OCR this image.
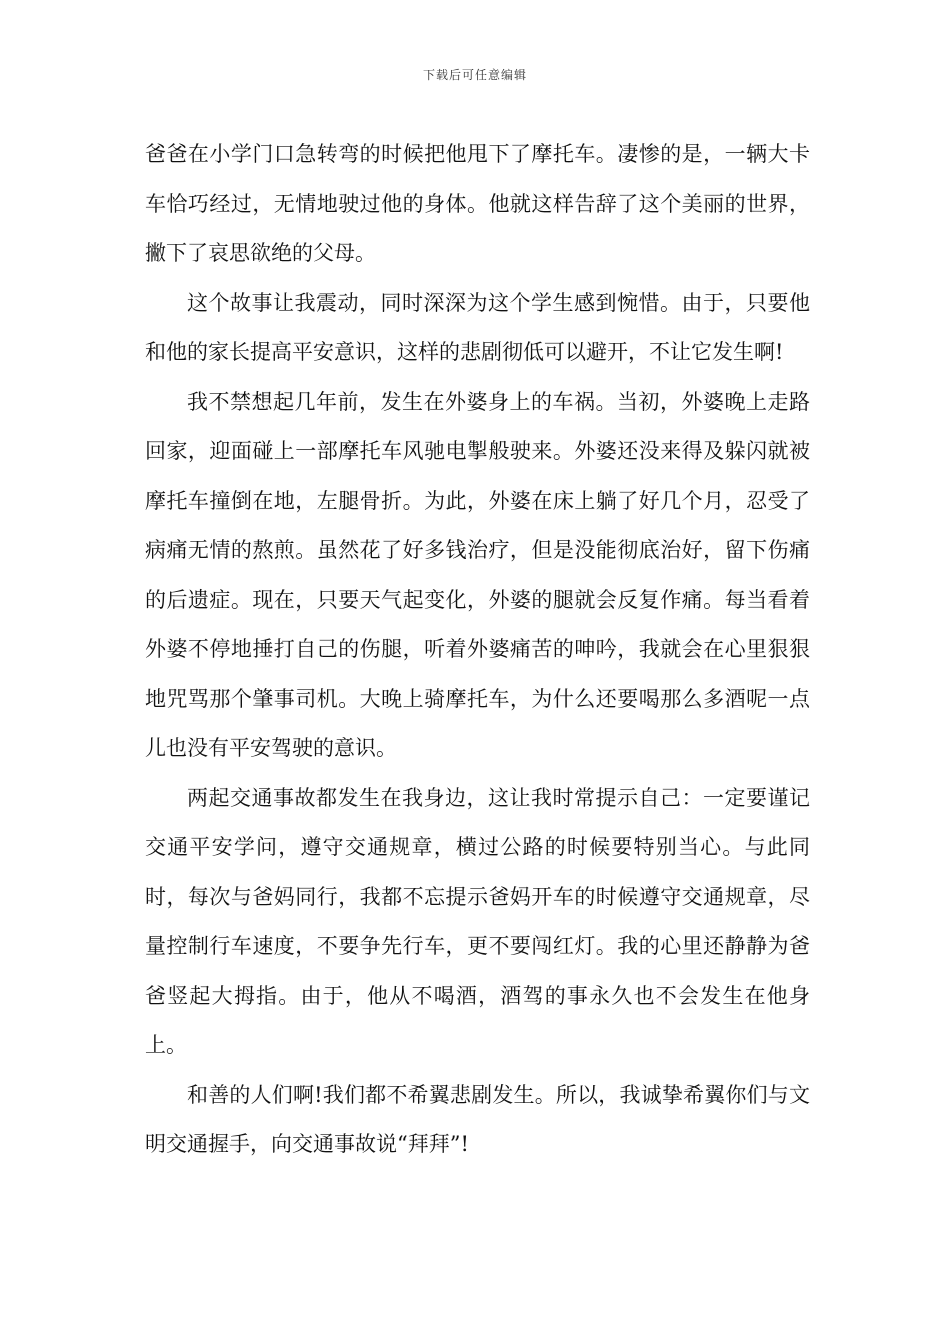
下载后可任意编辑

爸爸在小学门口急转弯的时候把他甩下了摩托车。凄惨的是，一辆大卡车恰巧经过，无情地驶过他的身体。他就这样告辞了这个美丽的世界，撇下了哀思欲绝的父母。

这个故事让我震动，同时深深为这个学生感到惋惜。由于，只要他和他的家长提高平安意识，这样的悲剧彻低可以避开，不让它发生啊!

我不禁想起几年前，发生在外婆身上的车祸。当初，外婆晚上走路回家，迎面碰上一部摩托车风驰电掣般驶来。外婆还没来得及躲闪就被摩托车撞倒在地，左腿骨折。为此，外婆在床上躺了好几个月，忍受了病痛无情的熬煎。虽然花了好多钱治疗，但是没能彻底治好，留下伤痛的后遗症。现在，只要天气起变化，外婆的腿就会反复作痛。每当看着外婆不停地捶打自己的伤腿，听着外婆痛苦的呻吟，我就会在心里狠狠地咒骂那个肇事司机。大晚上骑摩托车，为什么还要喝那么多酒呢一点儿也没有平安驾驶的意识。

两起交通事故都发生在我身边，这让我时常提示自己：一定要谨记交通平安学问，遵守交通规章，横过公路的时候要特别当心。与此同时，每次与爸妈同行，我都不忘提示爸妈开车的时候遵守交通规章，尽量控制行车速度，不要争先行车，更不要闯红灯。我的心里还静静为爸爸竖起大拇指。由于，他从不喝酒，酒驾的事永久也不会发生在他身上。

和善的人们啊!我们都不希翼悲剧发生。所以，我诚挚希翼你们与文明交通握手，向交通事故说“拜拜”!
